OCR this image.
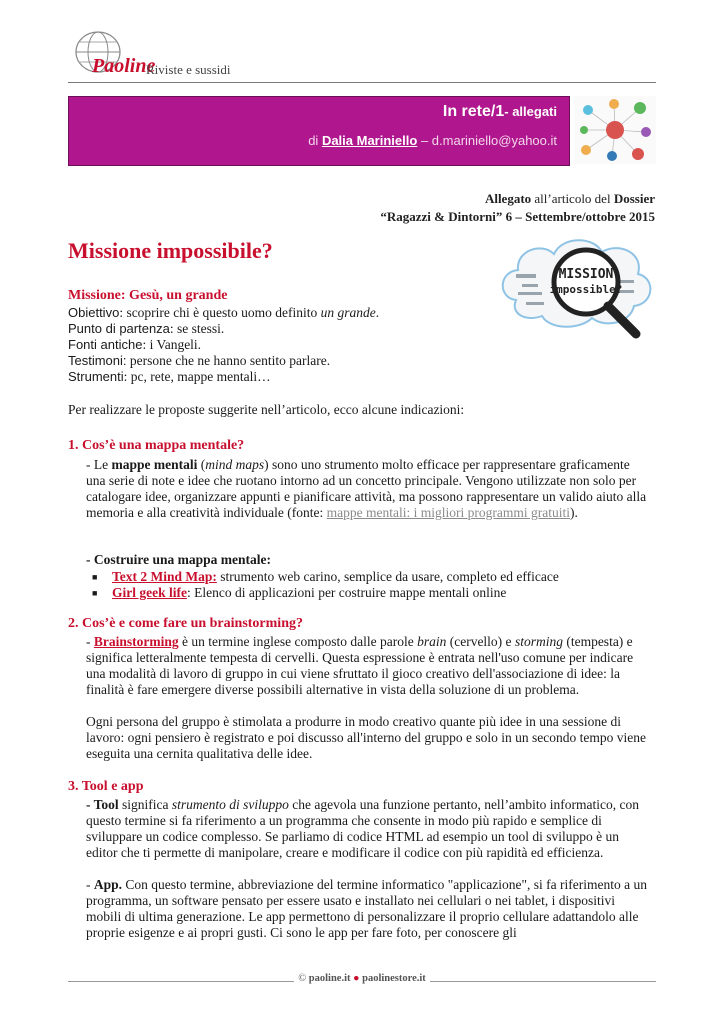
Paoline
Riviste e sussidi
In rete/1- allegati
di Dalia Mariniello – d.mariniello@yahoo.it
Allegato all’articolo del Dossier
“Ragazzi & Dintorni” 6 – Settembre/ottobre 2015
Missione impossibile?
MISSION
impossible?
Missione: Gesù, un grande
Obiettivo: scoprire chi è questo uomo definito un grande.
Punto di partenza: se stessi.
Fonti antiche: i Vangeli.
Testimoni: persone che ne hanno sentito parlare.
Strumenti: pc, rete, mappe mentali…
Per realizzare le proposte suggerite nell’articolo, ecco alcune indicazioni:
1. Cos’è una mappa mentale?
- Le mappe mentali (mind maps) sono uno strumento molto efficace per rappresentare graficamente una serie di note e idee che ruotano intorno ad un concetto principale. Vengono utilizzate non solo per catalogare idee, organizzare appunti e pianificare attività, ma possono rappresentare un valido aiuto alla memoria e alla creatività individuale (fonte: mappe mentali: i migliori programmi gratuiti).
- Costruire una mappa mentale:
■ Text 2 Mind Map: strumento web carino, semplice da usare, completo ed efficace
■ Girl geek life: Elenco di applicazioni per costruire mappe mentali online
2. Cos’è e come fare un brainstorming?
- Brainstorming è un termine inglese composto dalle parole brain (cervello) e storming (tempesta) e significa letteralmente tempesta di cervelli. Questa espressione è entrata nell'uso comune per indicare una modalità di lavoro di gruppo in cui viene sfruttato il gioco creativo dell'associazione di idee: la finalità è fare emergere diverse possibili alternative in vista della soluzione di un problema.
Ogni persona del gruppo è stimolata a produrre in modo creativo quante più idee in una sessione di lavoro: ogni pensiero è registrato e poi discusso all'interno del gruppo e solo in un secondo tempo viene eseguita una cernita qualitativa delle idee.
3. Tool e app
- Tool significa strumento di sviluppo che agevola una funzione pertanto, nell’ambito informatico, con questo termine si fa riferimento a un programma che consente in modo più rapido e semplice di sviluppare un codice complesso. Se parliamo di codice HTML ad esempio un tool di sviluppo è un editor che ti permette di manipolare, creare e modificare il codice con più rapidità ed efficienza.
- App. Con questo termine, abbreviazione del termine informatico "applicazione", si fa riferimento a un programma, un software pensato per essere usato e installato nei cellulari o nei tablet, i dispositivi mobili di ultima generazione. Le app permettono di personalizzare il proprio cellulare adattandolo alle proprie esigenze e ai propri gusti. Ci sono le app per fare foto, per conoscere gli
© paoline.it ● paolinestore.it
